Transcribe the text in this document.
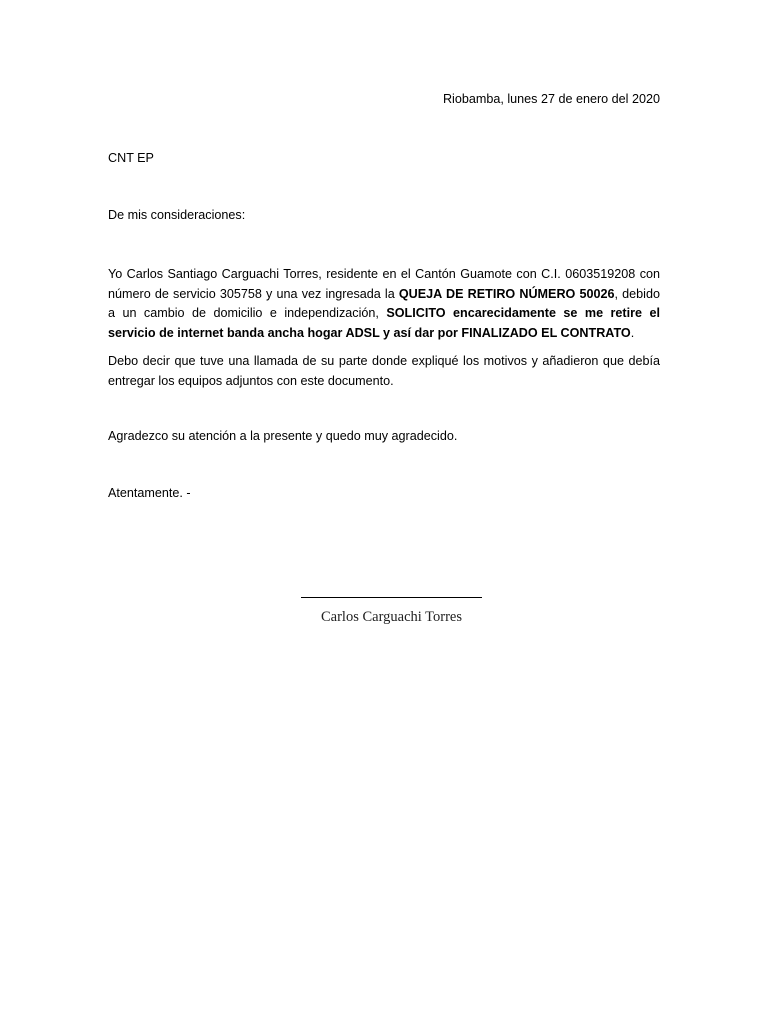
Riobamba, lunes 27 de enero del 2020
CNT EP
De mis consideraciones:

Yo Carlos Santiago Carguachi Torres, residente en el Cantón Guamote con C.I. 0603519208 con número de servicio 305758 y una vez ingresada la QUEJA DE RETIRO NÚMERO 50026, debido a un cambio de domicilio e independización, SOLICITO encarecidamente se me retire el servicio de internet banda ancha hogar ADSL y así dar por FINALIZADO EL CONTRATO.

Debo decir que tuve una llamada de su parte donde expliqué los motivos y añadieron que debía entregar los equipos adjuntos con este documento.

Agradezco su atención a la presente y quedo muy agradecido.
Atentamente. -
Carlos Carguachi Torres
